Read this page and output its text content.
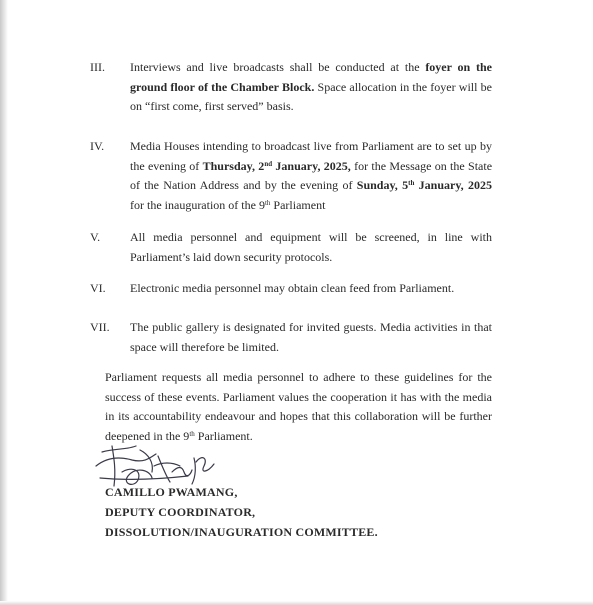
III.	Interviews and live broadcasts shall be conducted at the foyer on the ground floor of the Chamber Block. Space allocation in the foyer will be on “first come, first served” basis.
IV.	Media Houses intending to broadcast live from Parliament are to set up by the evening of Thursday, 2nd January, 2025, for the Message on the State of the Nation Address and by the evening of Sunday, 5th January, 2025 for the inauguration of the 9th Parliament
V.	All media personnel and equipment will be screened, in line with Parliament’s laid down security protocols.
VI.	Electronic media personnel may obtain clean feed from Parliament.
VII.	The public gallery is designated for invited guests. Media activities in that space will therefore be limited.
Parliament requests all media personnel to adhere to these guidelines for the success of these events. Parliament values the cooperation it has with the media in its accountability endeavour and hopes that this collaboration will be further deepened in the 9th Parliament.
CAMILLO PWAMANG,
DEPUTY COORDINATOR,
DISSOLUTION/INAUGURATION COMMITTEE.
